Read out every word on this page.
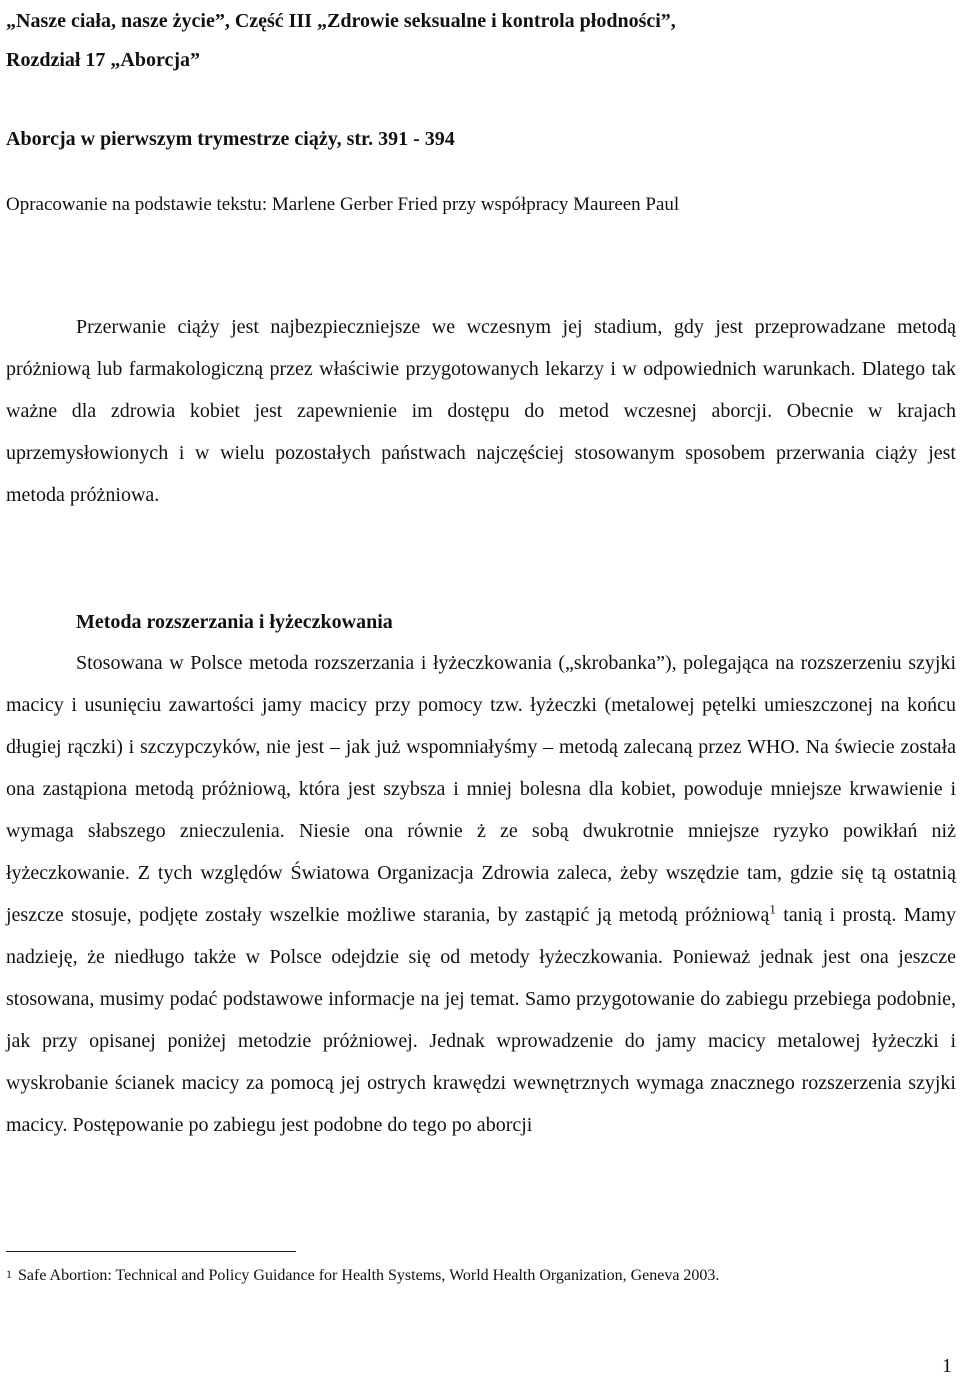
„Nasze ciała, nasze życie”, Część III „Zdrowie seksualne i kontrola płodności”,
Rozdział 17 „Aborcja”
Aborcja w pierwszym trymestrze ciąży, str. 391 - 394
Opracowanie na podstawie tekstu: Marlene Gerber Fried przy współpracy Maureen Paul

Przerwanie ciąży jest najbezpieczniejsze we wczesnym jej stadium, gdy jest przeprowadzane metodą próżniową lub farmakologiczną przez właściwie przygotowanych lekarzy i w odpowiednich warunkach. Dlatego tak ważne dla zdrowia kobiet jest zapewnienie im dostępu do metod wczesnej aborcji. Obecnie w krajach uprzemysłowionych i w wielu pozostałych państwach najczęściej stosowanym sposobem przerwania ciąży jest metoda próżniowa.

Metoda rozszerzania i łyżeczkowania

Stosowana w Polsce metoda rozszerzania i łyżeczkowania („skrobanka”), polegająca na rozszerzeniu szyjki macicy i usunięciu zawartości jamy macicy przy pomocy tzw. łyżeczki (metalowej pętelki umieszczonej na końcu długiej rączki) i szczypczyków, nie jest – jak już wspomniałyśmy – metodą zalecaną przez WHO. Na świecie została ona zastąpiona metodą próżniową, która jest szybsza i mniej bolesna dla kobiet, powoduje mniejsze krwawienie i wymaga słabszego znieczulenia. Niesie ona równie ż ze sobą dwukrotnie mniejsze ryzyko powikłań niż łyżeczkowanie. Z tych względów Światowa Organizacja Zdrowia zaleca, żeby wszędzie tam, gdzie się tą ostatnią jeszcze stosuje, podjęte zostały wszelkie możliwe starania, by zastąpić ją metodą próżniową$^1$ tanią i prostą. Mamy nadzieję, że niedługo także w Polsce odejdzie się od metody łyżeczkowania. Ponieważ jednak jest ona jeszcze stosowana, musimy podać podstawowe informacje na jej temat. Samo przygotowanie do zabiegu przebiega podobnie, jak przy opisanej poniżej metodzie próżniowej. Jednak wprowadzenie do jamy macicy metalowej łyżeczki i wyskrobanie ścianek macicy za pomocą jej ostrych krawędzi wewnętrznych wymaga znacznego rozszerzenia szyjki macicy. Postępowanie po zabiegu jest podobne do tego po aborcji

$^1$ Safe Abortion: Technical and Policy Guidance for Health Systems, World Health Organization, Geneva 2003.
1
